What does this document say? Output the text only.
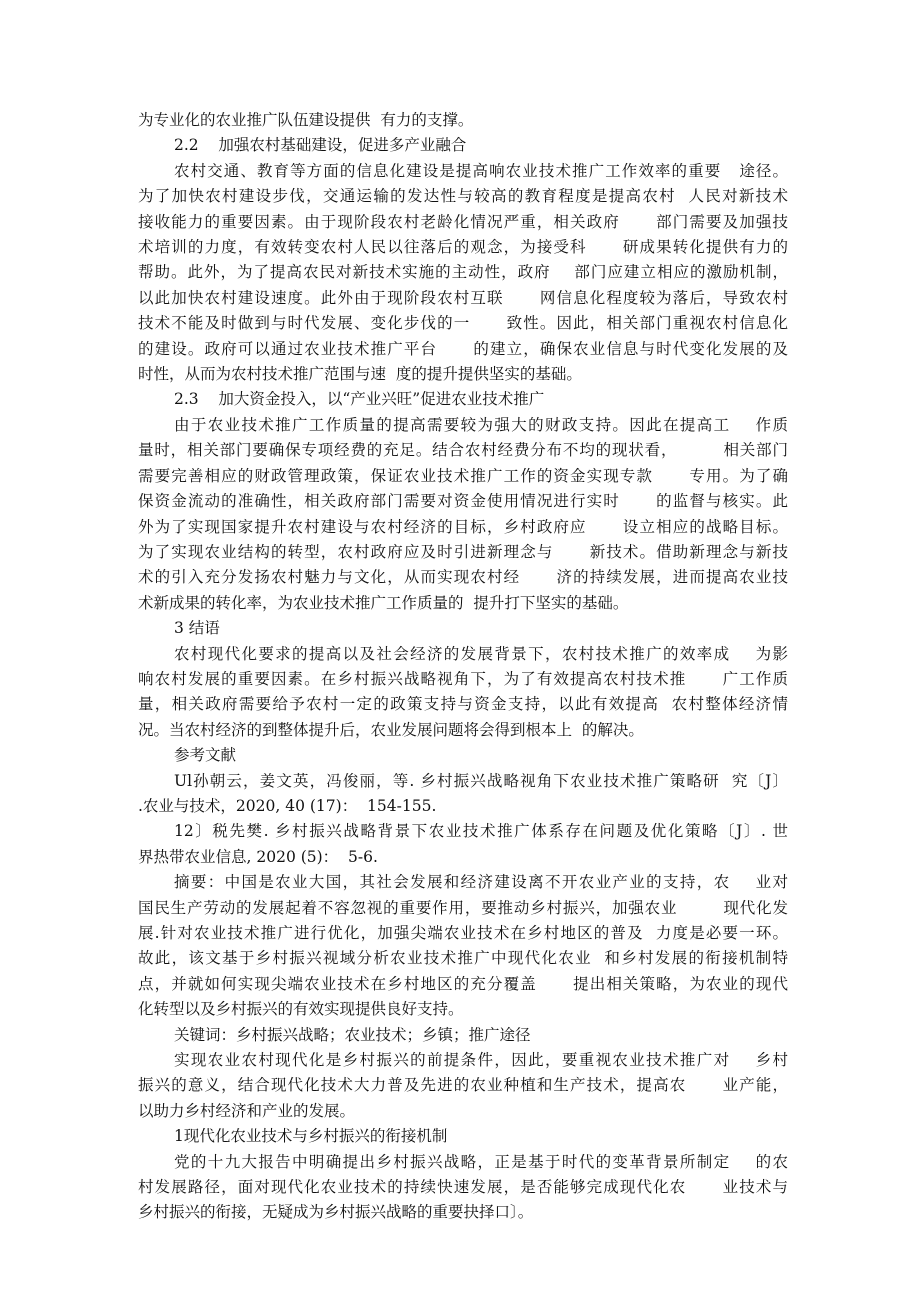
为专业化的农业推广队伍建设提供  有力的支撑。
2.2    加强农村基础建设，促进多产业融合
农村交通、教育等方面的信息化建设是提高响农业技术推广工作效率的重要   途径。
为了加快农村建设步伐，交通运输的发达性与较高的教育程度是提高农村  人民对新技术
接收能力的重要因素。由于现阶段农村老龄化情况严重，相关政府      部门需要及加强技
术培训的力度，有效转变农村人民以往落后的观念，为接受科      研成果转化提供有力的
帮助。此外，为了提高农民对新技术实施的主动性，政府    部门应建立相应的激励机制，
以此加快农村建设速度。此外由于现阶段农村互联      网信息化程度较为落后，导致农村
技术不能及时做到与时代发展、变化步伐的一      致性。因此，相关部门重视农村信息化
的建设。政府可以通过农业技术推广平台      的建立，确保农业信息与时代变化发展的及
时性，从而为农村技术推广范围与速  度的提升提供坚实的基础。
2.3    加大资金投入，以“产业兴旺”促进农业技术推广
由于农业技术推广工作质量的提高需要较为强大的财政支持。因此在提高工    作质
量时，相关部门要确保专项经费的充足。结合农村经费分布不均的现状看，        相关部门
需要完善相应的财政管理政策，保证农业技术推广工作的资金实现专款      专用。为了确
保资金流动的准确性，相关政府部门需要对资金使用情况进行实时      的监督与核实。此
外为了实现国家提升农村建设与农村经济的目标，乡村政府应      设立相应的战略目标。
为了实现农业结构的转型，农村政府应及时引进新理念与      新技术。借助新理念与新技
术的引入充分发扬农村魅力与文化，从而实现农村经      济的持续发展，进而提高农业技
术新成果的转化率，为农业技术推广工作质量的  提升打下坚实的基础。
3 结语
农村现代化要求的提高以及社会经济的发展背景下，农村技术推广的效率成    为影
响农村发展的重要因素。在乡村振兴战略视角下，为了有效提高农村技术推      广工作质
量，相关政府需要给予农村一定的政策支持与资金支持，以此有效提高  农村整体经济情
况。当农村经济的到整体提升后，农业发展问题将会得到根本上  的解决。
参考文献
Ul孙朝云，姜文英，冯俊丽，等. 乡村振兴战略视角下农业技术推广策略研  究〔J〕
.农业与技术，2020, 40 (17)：  154-155.
12〕税先樊. 乡村振兴战略背景下农业技术推广体系存在问题及优化策略〔J〕. 世
界热带农业信息, 2020 (5)：  5-6.
摘要：中国是农业大国，其社会发展和经济建设离不开农业产业的支持，农    业对
国民生产劳动的发展起着不容忽视的重要作用，要推动乡村振兴，加强农业        现代化发
展.针对农业技术推广进行优化，加强尖端农业技术在乡村地区的普及  力度是必要一环。
故此，该文基于乡村振兴视域分析农业技术推广中现代化农业  和乡村发展的衔接机制特
点，并就如何实现尖端农业技术在乡村地区的充分覆盖      提出相关策略，为农业的现代
化转型以及乡村振兴的有效实现提供良好支持。
关键词：乡村振兴战略；农业技术；乡镇；推广途径
实现农业农村现代化是乡村振兴的前提条件，因此，要重视农业技术推广对    乡村
振兴的意义，结合现代化技术大力普及先进的农业种植和生产技术，提高农      业产能，
以助力乡村经济和产业的发展。
1现代化农业技术与乡村振兴的衔接机制
党的十九大报告中明确提出乡村振兴战略，正是基于时代的变革背景所制定    的农
村发展路径，面对现代化农业技术的持续快速发展，是否能够完成现代化农      业技术与
乡村振兴的衔接，无疑成为乡村振兴战略的重要抉择口〕。
